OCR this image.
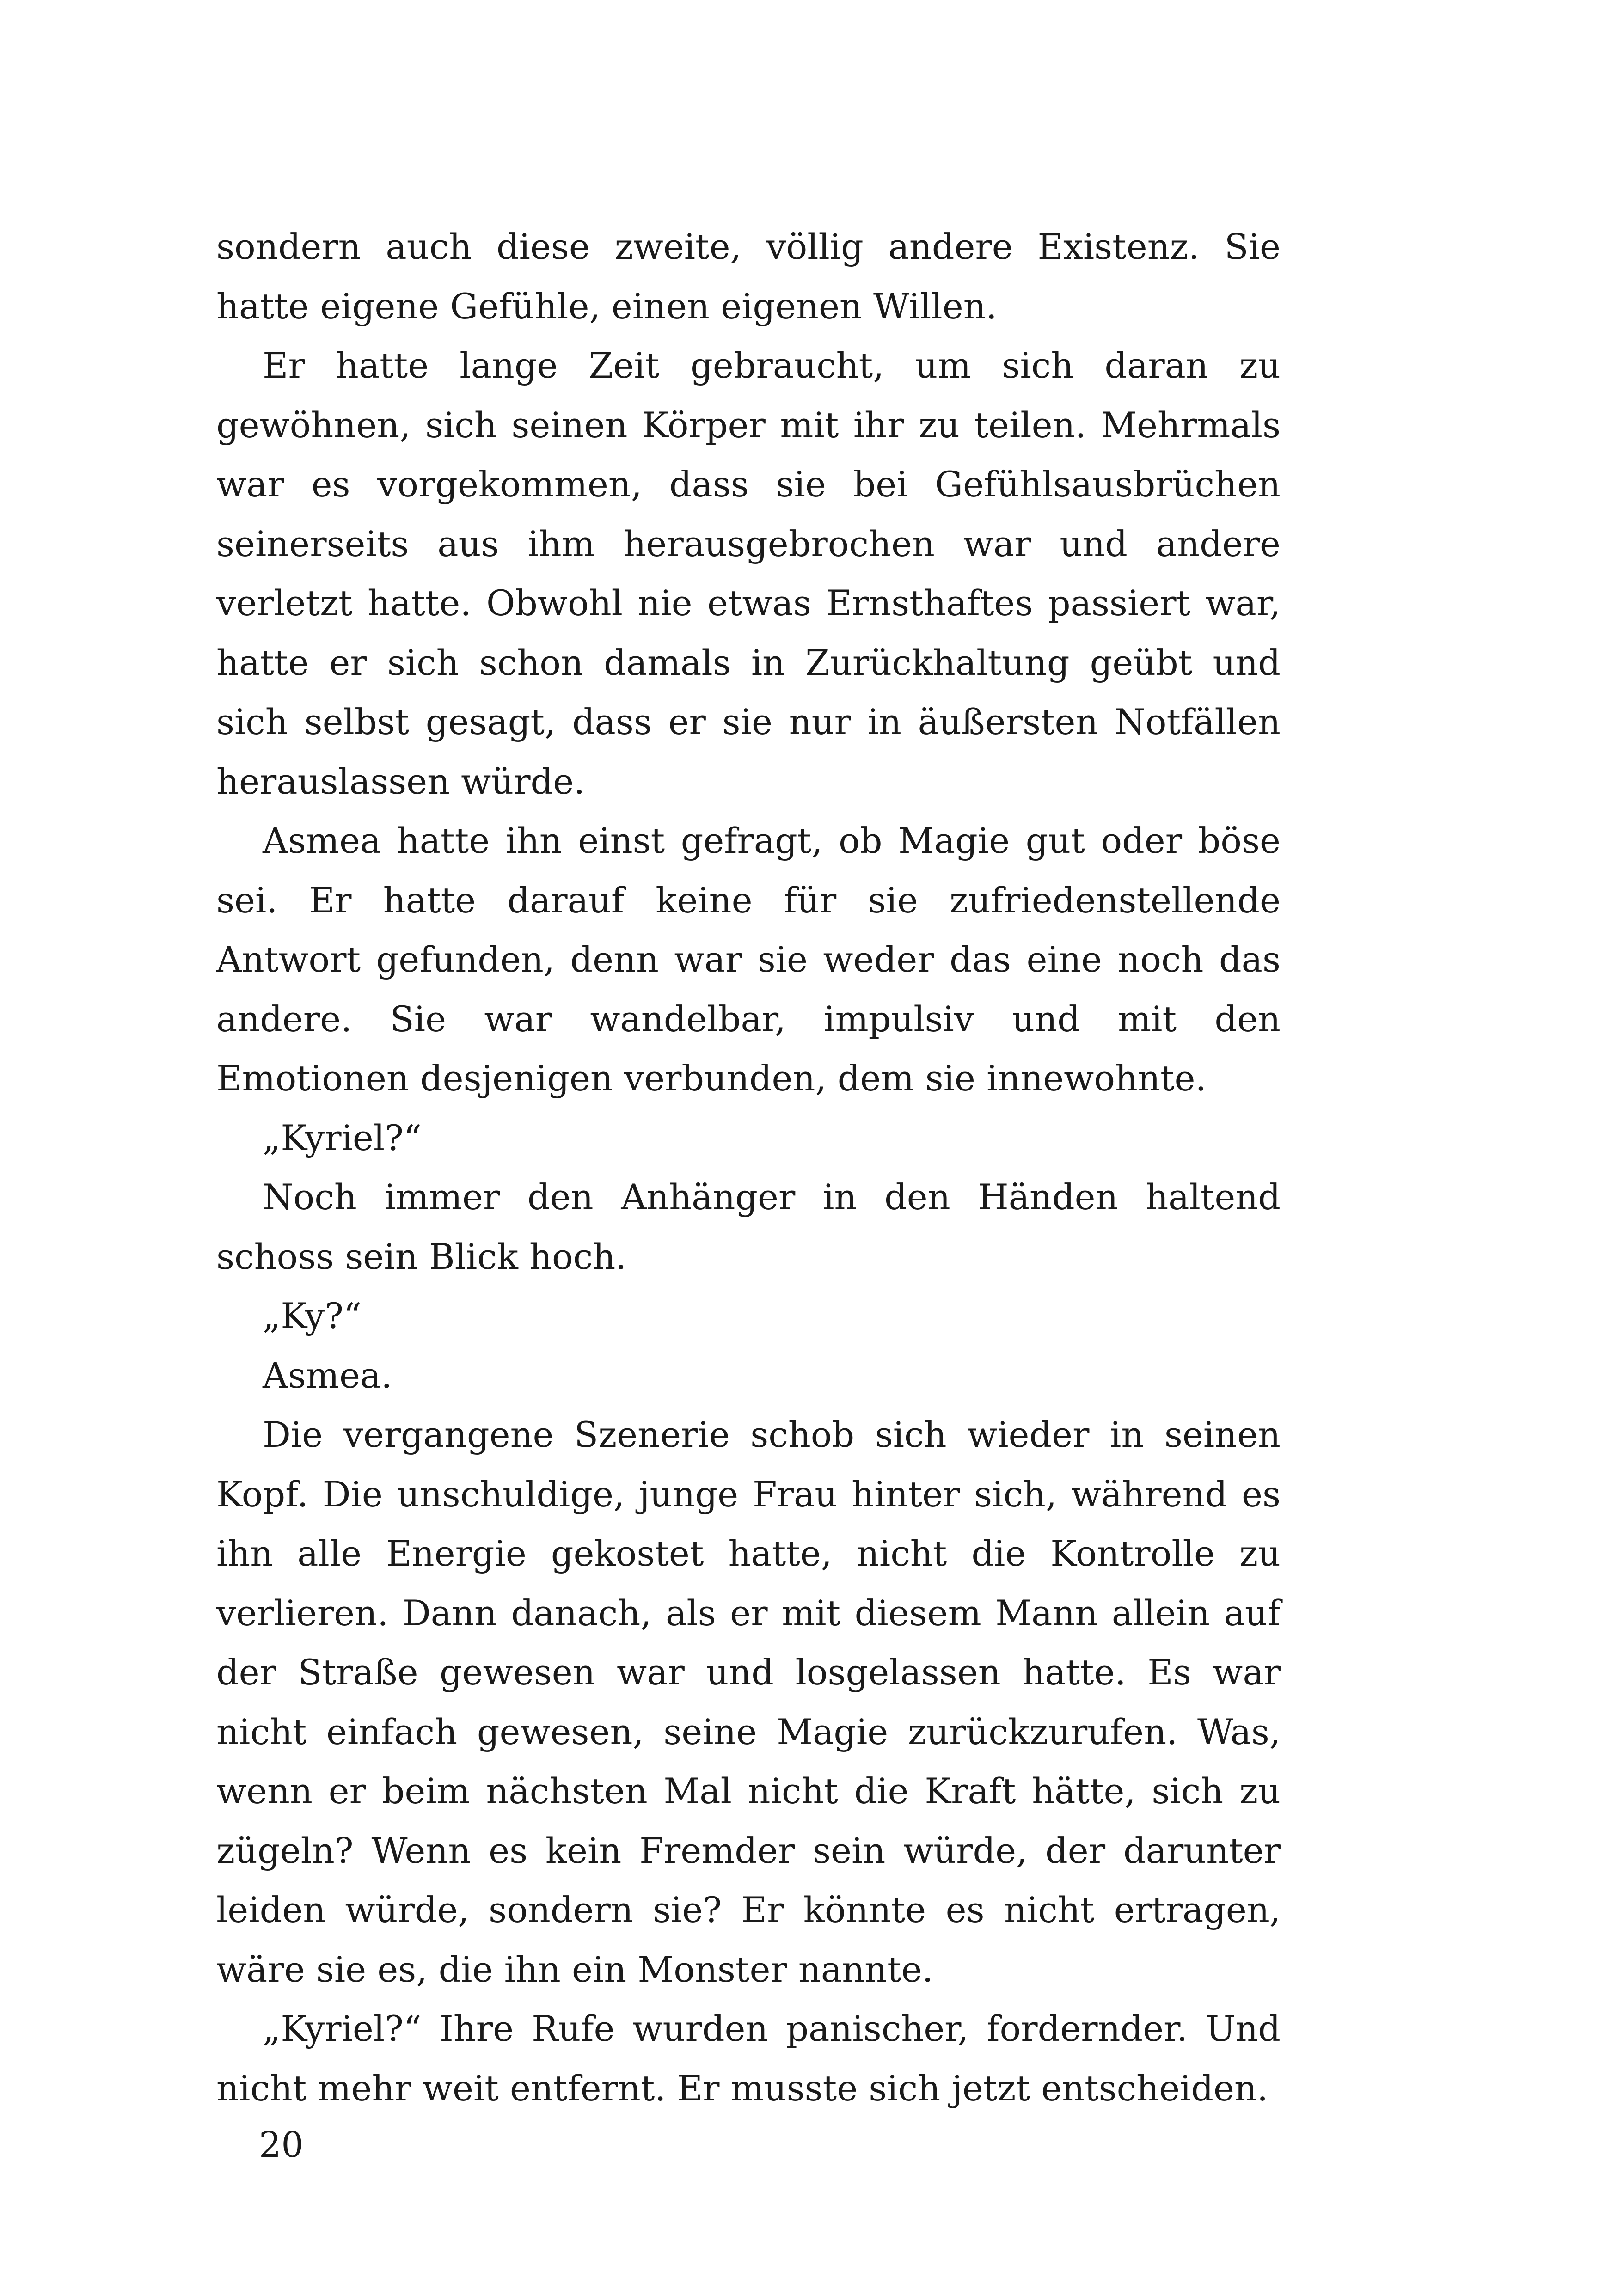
sondern auch diese zweite, völlig andere Existenz. Sie hatte eigene Gefühle, einen eigenen Willen.

Er hatte lange Zeit gebraucht, um sich daran zu gewöhnen, sich seinen Körper mit ihr zu teilen. Mehrmals war es vorgekommen, dass sie bei Gefühlsausbrüchen seinerseits aus ihm herausgebrochen war und andere verletzt hatte. Obwohl nie etwas Ernsthaftes passiert war, hatte er sich schon damals in Zurückhaltung geübt und sich selbst gesagt, dass er sie nur in äußersten Notfällen herauslassen würde.

Asmea hatte ihn einst gefragt, ob Magie gut oder böse sei. Er hatte darauf keine für sie zufriedenstellende Antwort gefunden, denn war sie weder das eine noch das andere. Sie war wandelbar, impulsiv und mit den Emotionen desjenigen verbunden, dem sie innewohnte.

„Kyriel?“

Noch immer den Anhänger in den Händen haltend schoss sein Blick hoch.

„Ky?“

Asmea.

Die vergangene Szenerie schob sich wieder in seinen Kopf. Die unschuldige, junge Frau hinter sich, während es ihn alle Energie gekostet hatte, nicht die Kontrolle zu verlieren. Dann danach, als er mit diesem Mann allein auf der Straße gewesen war und losgelassen hatte. Es war nicht einfach gewesen, seine Magie zurückzurufen. Was, wenn er beim nächsten Mal nicht die Kraft hätte, sich zu zügeln? Wenn es kein Fremder sein würde, der darunter leiden würde, sondern sie? Er könnte es nicht ertragen, wäre sie es, die ihn ein Monster nannte.

„Kyriel?“ Ihre Rufe wurden panischer, fordernder. Und nicht mehr weit entfernt. Er musste sich jetzt entscheiden.

20
